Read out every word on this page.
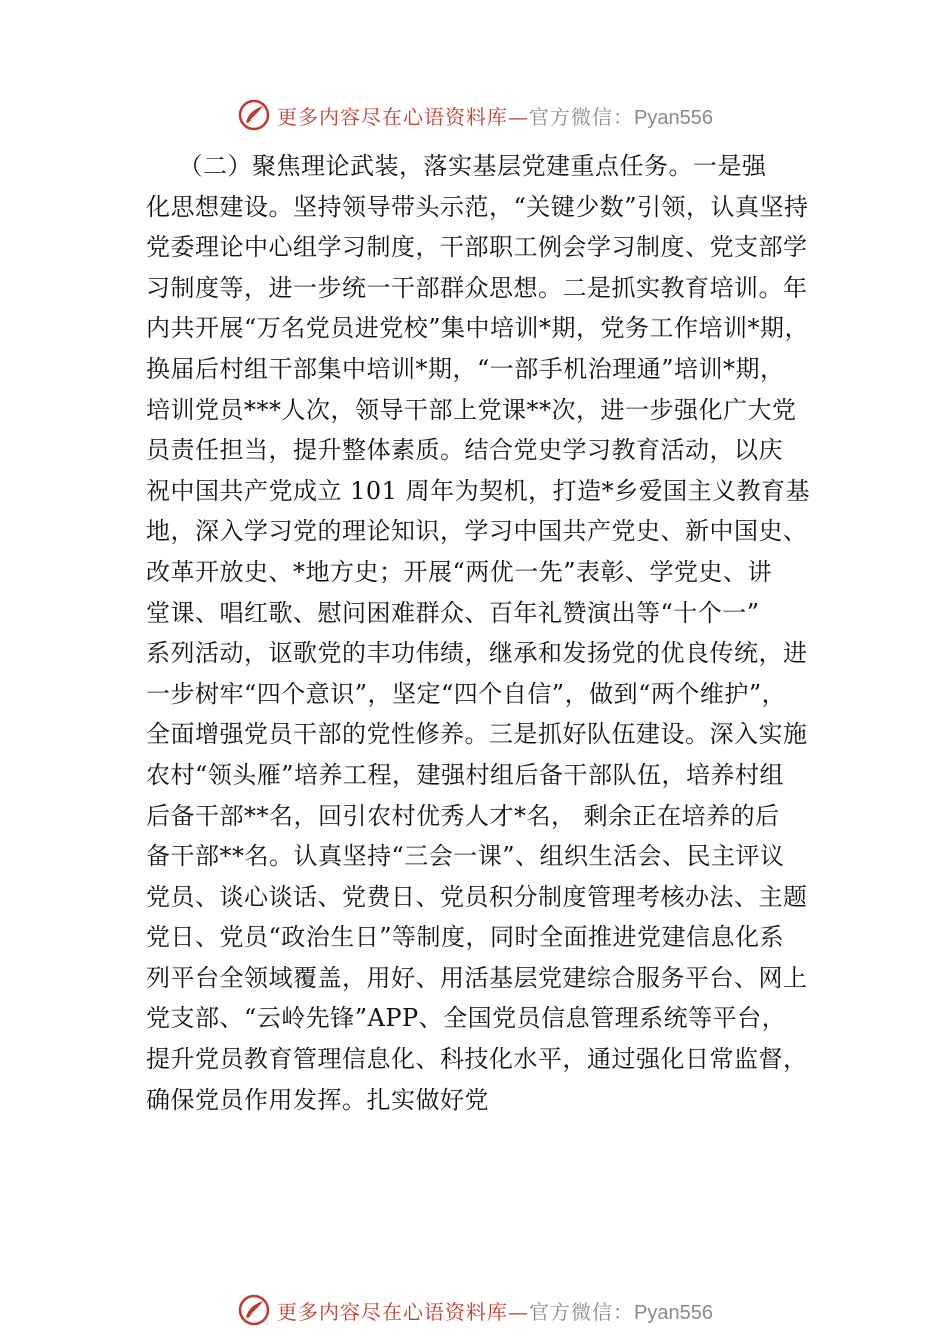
更多内容尽在心语资料库—官方微信：Pyan556
（二）聚焦理论武装，落实基层党建重点任务。一是强
化思想建设。坚持领导带头示范，“关键少数”引领，认真坚持
党委理论中心组学习制度，干部职工例会学习制度、党支部学
习制度等，进一步统一干部群众思想。二是抓实教育培训。年
内共开展“万名党员进党校”集中培训*期，党务工作培训*期，
换届后村组干部集中培训*期，“一部手机治理通”培训*期，
培训党员***人次，领导干部上党课**次，进一步强化广大党
员责任担当，提升整体素质。结合党史学习教育活动，以庆
祝中国共产党成立 101 周年为契机，打造*乡爱国主义教育基
地，深入学习党的理论知识，学习中国共产党史、新中国史、
改革开放史、*地方史；开展“两优一先”表彰、学党史、讲
堂课、唱红歌、慰问困难群众、百年礼赞演出等“十个一”
系列活动，讴歌党的丰功伟绩，继承和发扬党的优良传统，进
一步树牢“四个意识”，坚定“四个自信”，做到“两个维护”，
全面增强党员干部的党性修养。三是抓好队伍建设。深入实施
农村“领头雁”培养工程，建强村组后备干部队伍，培养村组
后备干部**名，回引农村优秀人才*名， 剩余正在培养的后
备干部**名。认真坚持“三会一课”、组织生活会、民主评议
党员、谈心谈话、党费日、党员积分制度管理考核办法、主题
党日、党员“政治生日”等制度，同时全面推进党建信息化系
列平台全领域覆盖，用好、用活基层党建综合服务平台、网上
党支部、“云岭先锋”APP、全国党员信息管理系统等平台，
提升党员教育管理信息化、科技化水平，通过强化日常监督，
确保党员作用发挥。扎实做好党
更多内容尽在心语资料库—官方微信：Pyan556
